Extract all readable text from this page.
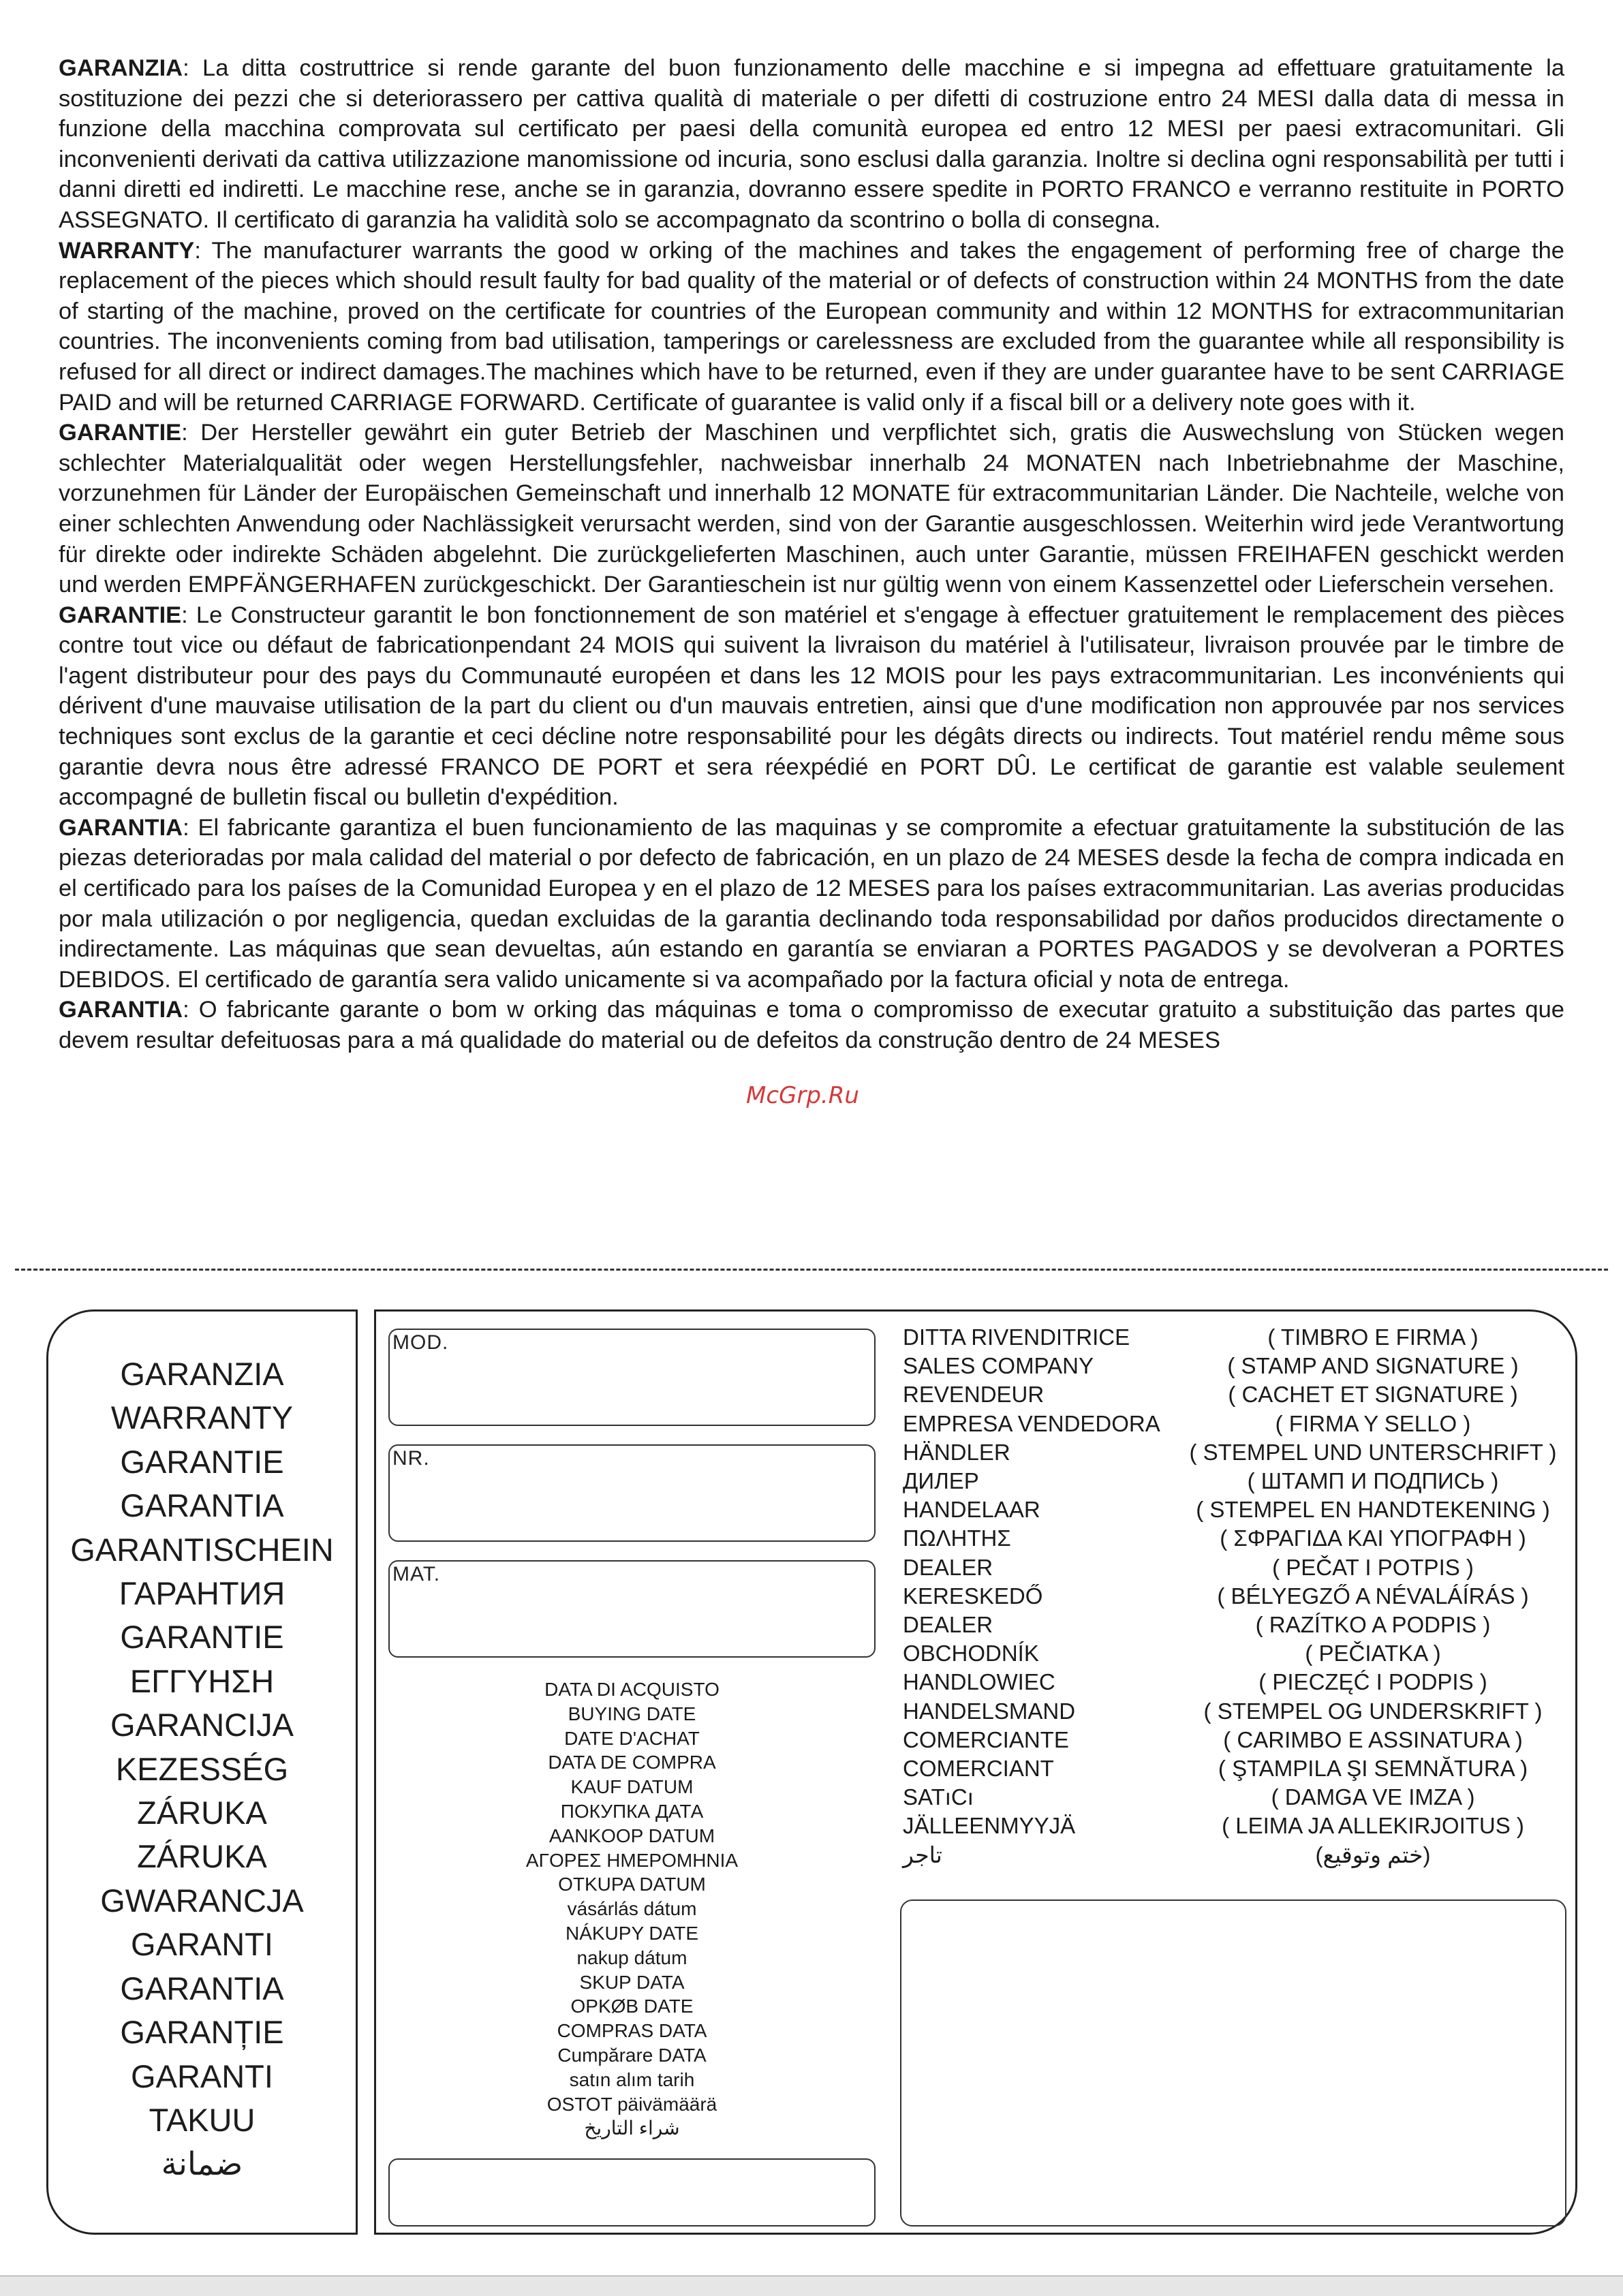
GARANZIA: La ditta costruttrice si rende garante del buon funzionamento delle macchine e si impegna ad effettuare gratuitamente la sostituzione dei pezzi che si deteriorassero per cattiva qualità di materiale o per difetti di costruzione entro 24 MESI dalla data di messa in funzione della macchina comprovata sul certificato per paesi della comunità europea ed entro 12 MESI per paesi extracomunitari. Gli inconvenienti derivati da cattiva utilizzazione manomissione od incuria, sono esclusi dalla garanzia. Inoltre si declina ogni responsabilità per tutti i danni diretti ed indiretti. Le macchine rese, anche se in garanzia, dovranno essere spedite in PORTO FRANCO e verranno restituite in PORTO ASSEGNATO. Il certificato di garanzia ha validità solo se accompagnato da scontrino o bolla di consegna.

WARRANTY: The manufacturer warrants the good w orking of the machines and takes the engagement of performing free of charge the replacement of the pieces which should result faulty for bad quality of the material or of defects of construction within 24 MONTHS from the date of starting of the machine, proved on the certificate for countries of the European community and within 12 MONTHS for extracommunitarian countries. The inconvenients coming from bad utilisation, tamperings or carelessness are excluded from the guarantee while all responsibility is refused for all direct or indirect damages.The machines which have to be returned, even if they are under guarantee have to be sent CARRIAGE PAID and will be returned CARRIAGE FORWARD. Certificate of guarantee is valid only if a fiscal bill or a delivery note goes with it.

GARANTIE: Der Hersteller gewährt ein guter Betrieb der Maschinen und verpflichtet sich, gratis die Auswechslung von Stücken wegen schlechter Materialqualität oder wegen Herstellungsfehler, nachweisbar innerhalb 24 MONATEN nach Inbetriebnahme der Maschine, vorzunehmen für Länder der Europäischen Gemeinschaft und innerhalb 12 MONATE für extracommunitarian Länder. Die Nachteile, welche von einer schlechten Anwendung oder Nachlässigkeit verursacht werden, sind von der Garantie ausgeschlossen. Weiterhin wird jede Verantwortung für direkte oder indirekte Schäden abgelehnt. Die zurückgelieferten Maschinen, auch unter Garantie, müssen FREIHAFEN geschickt werden und werden EMPFÄNGERHAFEN zurückgeschickt. Der Garantieschein ist nur gültig wenn von einem Kassenzettel oder Lieferschein versehen.

GARANTIE: Le Constructeur garantit le bon fonctionnement de son matériel et s'engage à effectuer gratuitement le remplacement des pièces contre tout vice ou défaut de fabricationpendant 24 MOIS qui suivent la livraison du matériel à l'utilisateur, livraison prouvée par le timbre de l'agent distributeur pour des pays du Communauté européen et dans les 12 MOIS pour les pays extracommunitarian. Les inconvénients qui dérivent d'une mauvaise utilisation de la part du client ou d'un mauvais entretien, ainsi que d'une modification non approuvée par nos services techniques sont exclus de la garantie et ceci décline notre responsabilité pour les dégâts directs ou indirects. Tout matériel rendu même sous garantie devra nous être adressé FRANCO DE PORT et sera réexpédié en PORT DÛ. Le certificat de garantie est valable seulement accompagné de bulletin fiscal ou bulletin d'expédition.

GARANTIA: El fabricante garantiza el buen funcionamiento de las maquinas y se compromite a efectuar gratuitamente la substitución de las piezas deterioradas por mala calidad del material o por defecto de fabricación, en un plazo de 24 MESES desde la fecha de compra indicada en el certificado para los países de la Comunidad Europea y en el plazo de 12 MESES para los países extracommunitarian. Las averias producidas por mala utilización o por negligencia, quedan excluidas de la garantia declinando toda responsabilidad por daños producidos directamente o indirectamente. Las máquinas que sean devueltas, aún estando en garantía se enviaran a PORTES PAGADOS y se devolveran a PORTES DEBIDOS. El certificado de garantía sera valido unicamente si va acompañado por la factura oficial y nota de entrega.

GARANTIA: O fabricante garante o bom w orking das máquinas e toma o compromisso de executar gratuito a substituição das partes que devem resultar defeituosas para a má qualidade do material ou de defeitos da construção dentro de 24 MESES

McGrp.Ru
GARANZIA
WARRANTY
GARANTIE
GARANTIA
GARANTISCHEIN
ГАРАНТИЯ
GARANTIE
ΕΓΓΥΗΣΗ
GARANCIJA
KEZESSÉG
ZÁRUKA
ZÁRUKA
GWARANCJA
GARANTI
GARANTIA
GARANȚIE
GARANTI
TAKUU
ضمانة
MOD.
NR.
MAT.
DATA DI ACQUISTO
BUYING DATE
DATE D'ACHAT
DATA DE COMPRA
KAUF DATUM
ПОКУПКА ДАТА
AANKOOP DATUM
ΑΓΟΡΕΣ ΗΜΕΡΟΜΗΝΙΑ
OTKUPA DATUM
vásárlás dátum
NÁKUPY DATE
nakup dátum
SKUP DATA
OPKØB DATE
COMPRAS DATA
Cumpărare DATA
satın alım tarih
OSTOT päivämäärä
شراء التاريخ
DITTA RIVENDITRICE	( TIMBRO E FIRMA )
SALES COMPANY	( STAMP AND SIGNATURE )
REVENDEUR	( CACHET ET SIGNATURE )
EMPRESA VENDEDORA	( FIRMA Y SELLO )
HÄNDLER	( STEMPEL UND UNTERSCHRIFT )
ДИЛЕР	( ШТАМП И ПОДПИСЬ )
HANDELAAR	( STEMPEL EN HANDTEKENING )
ΠΩΛΗΤΗΣ	( ΣΦΡΑΓΙΔΑ ΚΑΙ ΥΠΟΓΡΑΦΗ )
DEALER	( PEČAT I POTPIS )
KERESKEDŐ	( BÉLYEGZŐ A NÉVALÁÍRÁS )
DEALER	( RAZÍTKO A PODPIS )
OBCHODNÍK	( PEČIATKA )
HANDLOWIEC	( PIECZĘĆ I PODPIS )
HANDELSMAND	( STEMPEL OG UNDERSKRIFT )
COMERCIANTE	( CARIMBO E ASSINATURA )
COMERCIANT	( ŞTAMPILA ŞI SEMNĂTURA )
SATıCı	( DAMGA VE IMZA )
JÄLLEENMYYJÄ	( LEIMA JA ALLEKIRJOITUS )
تاجر	(ختم وتوقيع)
